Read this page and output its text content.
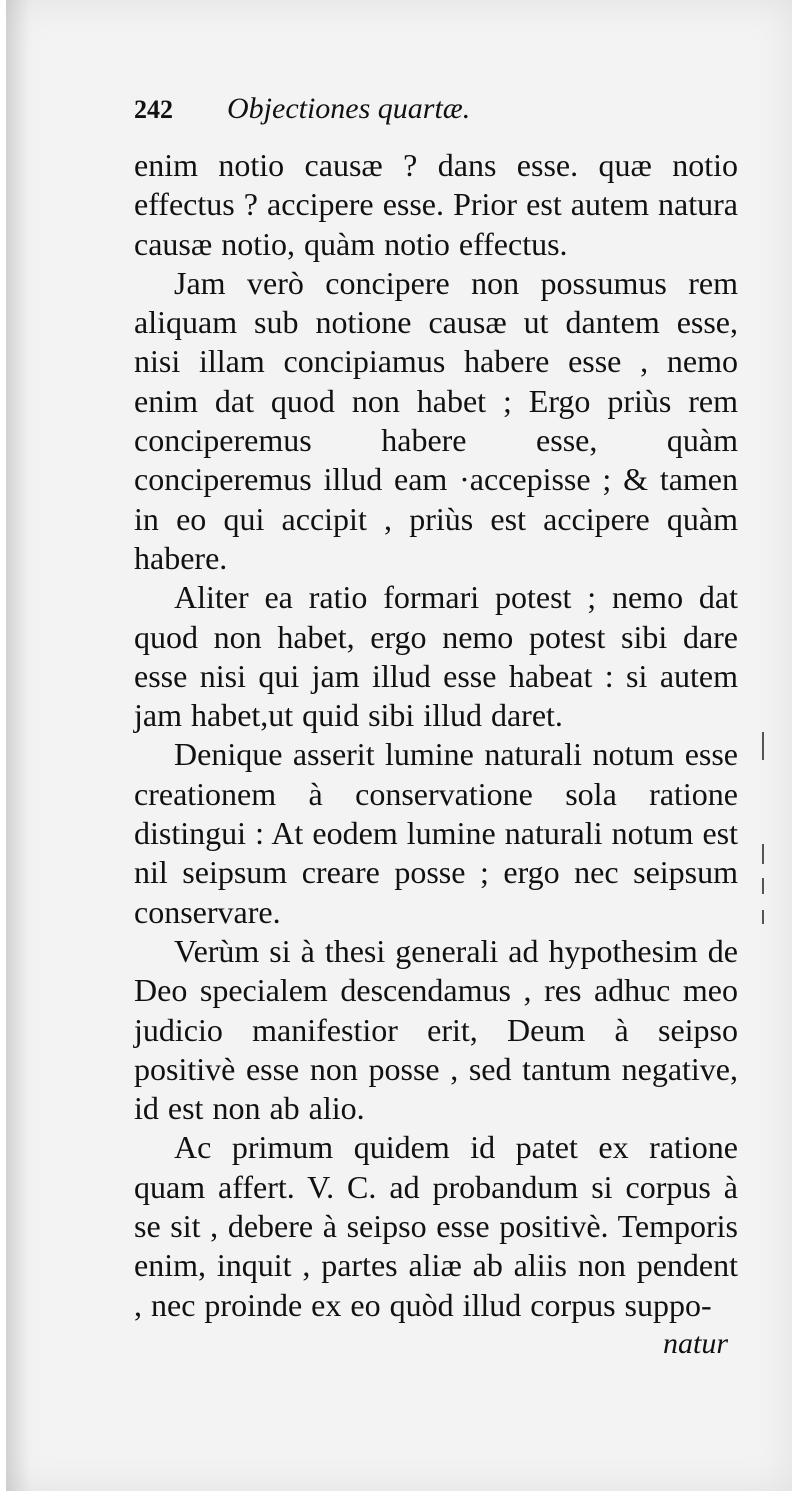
242 Objectiones quartæ.

enim notio causæ ? dans esse. quæ notio effectus ? accipere esse. Prior est autem natura causæ notio, quàm notio effectus.

Jam verò concipere non possumus rem aliquam sub notione causæ ut dantem esse, nisi illam concipiamus habere esse , nemo enim dat quod non habet ; Ergo priùs rem conciperemus habere esse, quàm conciperemus illud eam ·accepisse ; & tamen in eo qui accipit , priùs est accipere quàm habere.

Aliter ea ratio formari potest ; nemo dat quod non habet, ergo nemo potest sibi dare esse nisi qui jam illud esse habeat : si autem jam habet,ut quid sibi illud daret.

Denique asserit lumine naturali notum esse creationem à conservatione sola ratione distingui : At eodem lumine naturali notum est nil seipsum creare posse ; ergo nec seipsum conservare.

Verùm si à thesi generali ad hypothesim de Deo specialem descendamus , res adhuc meo judicio manifestior erit, Deum à seipso positivè esse non posse , sed tantum negative, id est non ab alio.

Ac primum quidem id patet ex ratione quam affert. V. C. ad probandum si corpus à se sit , debere à seipso esse positivè. Temporis enim, inquit , partes aliæ ab aliis non pendent , nec proinde ex eo quòd illud corpus suppo-

natur
